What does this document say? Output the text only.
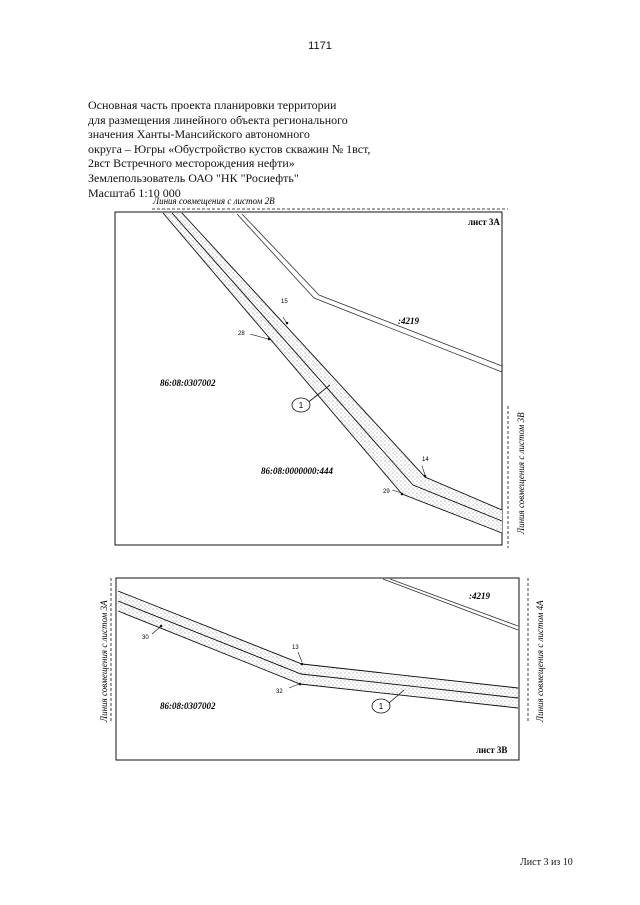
1171
Основная часть проекта планировки территории
для размещения линейного объекта регионального
значения Ханты-Мансийского автономного
округа – Югры «Обустройство кустов скважин № 1вст,
2вст Встречного месторождения нефти»
Землепользователь ОАО "НК "Росиефть"
Масштаб 1:10 000
Линия совмещения с листом 2В
Линия совмещения с листом 3В
лист 3А
15
28
14
29
1
:4219
86:08:0307002
86:08:0000000:444
Линия совмещения с листом 3А	Линия совмещения с листом 4А
30
13
32
1
:4219
86:08:0307002
лист 3В
Лист 3 из 10
